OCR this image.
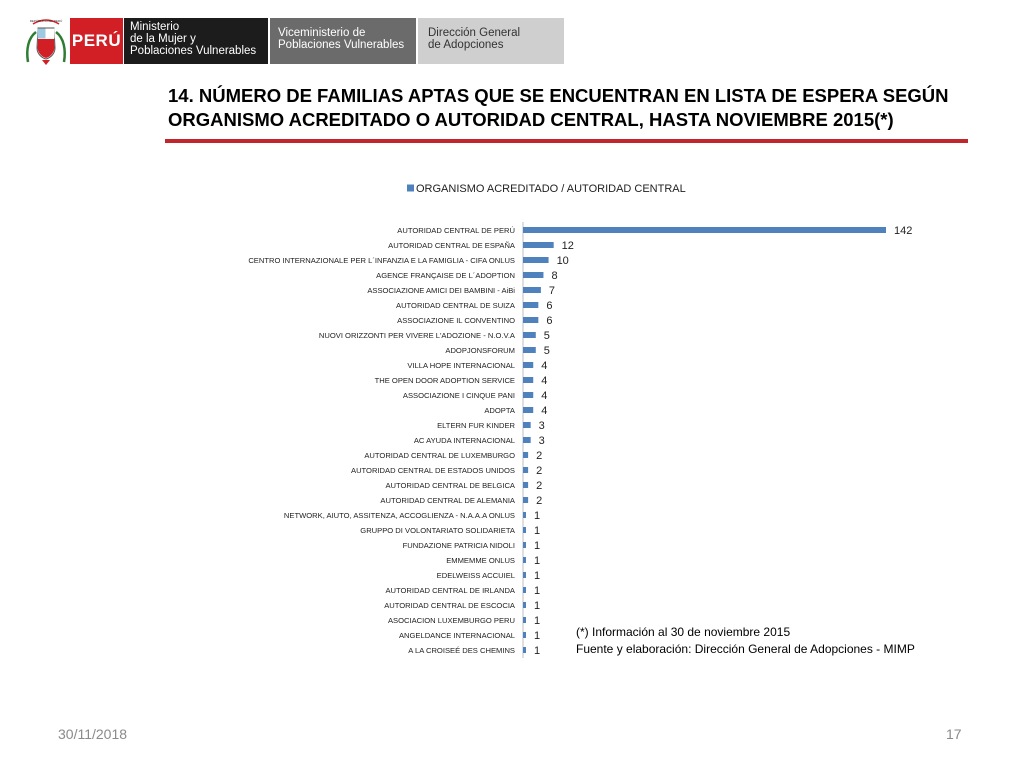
REPÚBLICA DEL PERÚ
PERÚ
Ministerio
de la Mujer y
Poblaciones Vulnerables
Viceministerio de
Poblaciones Vulnerables
Dirección General
de Adopciones
14. NÚMERO DE FAMILIAS APTAS QUE SE ENCUENTRAN EN LISTA DE ESPERA SEGÚN ORGANISMO ACREDITADO O AUTORIDAD CENTRAL, HASTA NOVIEMBRE 2015(*)
ORGANISMO ACREDITADO / AUTORIDAD CENTRAL
AUTORIDAD CENTRAL DE PERÚ	142
AUTORIDAD CENTRAL DE ESPAÑA	12
CENTRO INTERNAZIONALE PER L´INFANZIA E LA FAMIGLIA - CIFA ONLUS	10
AGENCE FRANÇAISE DE L´ADOPTION	8
ASSOCIAZIONE AMICI DEI BAMBINI - AiBi	7
AUTORIDAD CENTRAL DE SUIZA	6
ASSOCIAZIONE IL CONVENTINO	6
NUOVI ORIZZONTI PER VIVERE L'ADOZIONE - N.O.V.A	5
ADOPJONSFORUM	5
VILLA HOPE INTERNACIONAL 4
THE OPEN DOOR ADOPTION SERVICE 4
ASSOCIAZIONE I CINQUE PANI 4
ADOPTA 4
ELTERN FUR KINDER 3
AC AYUDA INTERNACIONAL 3
AUTORIDAD CENTRAL DE LUXEMBURGO 2
AUTORIDAD CENTRAL DE ESTADOS UNIDOS 2
AUTORIDAD CENTRAL DE BELGICA 2
AUTORIDAD CENTRAL DE ALEMANIA 2
NETWORK, AIUTO, ASSITENZA, ACCOGLIENZA - N.A.A.A ONLUS 1
GRUPPO DI VOLONTARIATO SOLIDARIETA 1
FUNDAZIONE PATRICIA NIDOLI 1
EMMEMME ONLUS 1
EDELWEISS ACCUIEL 1
AUTORIDAD CENTRAL DE IRLANDA 1
AUTORIDAD CENTRAL DE ESCOCIA 1
ASOCIACION LUXEMBURGO PERU 1
ANGELDANCE INTERNACIONAL 1
A LA CROISEÉ DES CHEMINS 1
(*) Información al 30 de noviembre 2015
Fuente y elaboración: Dirección General de Adopciones - MIMP
30/11/2018	17
